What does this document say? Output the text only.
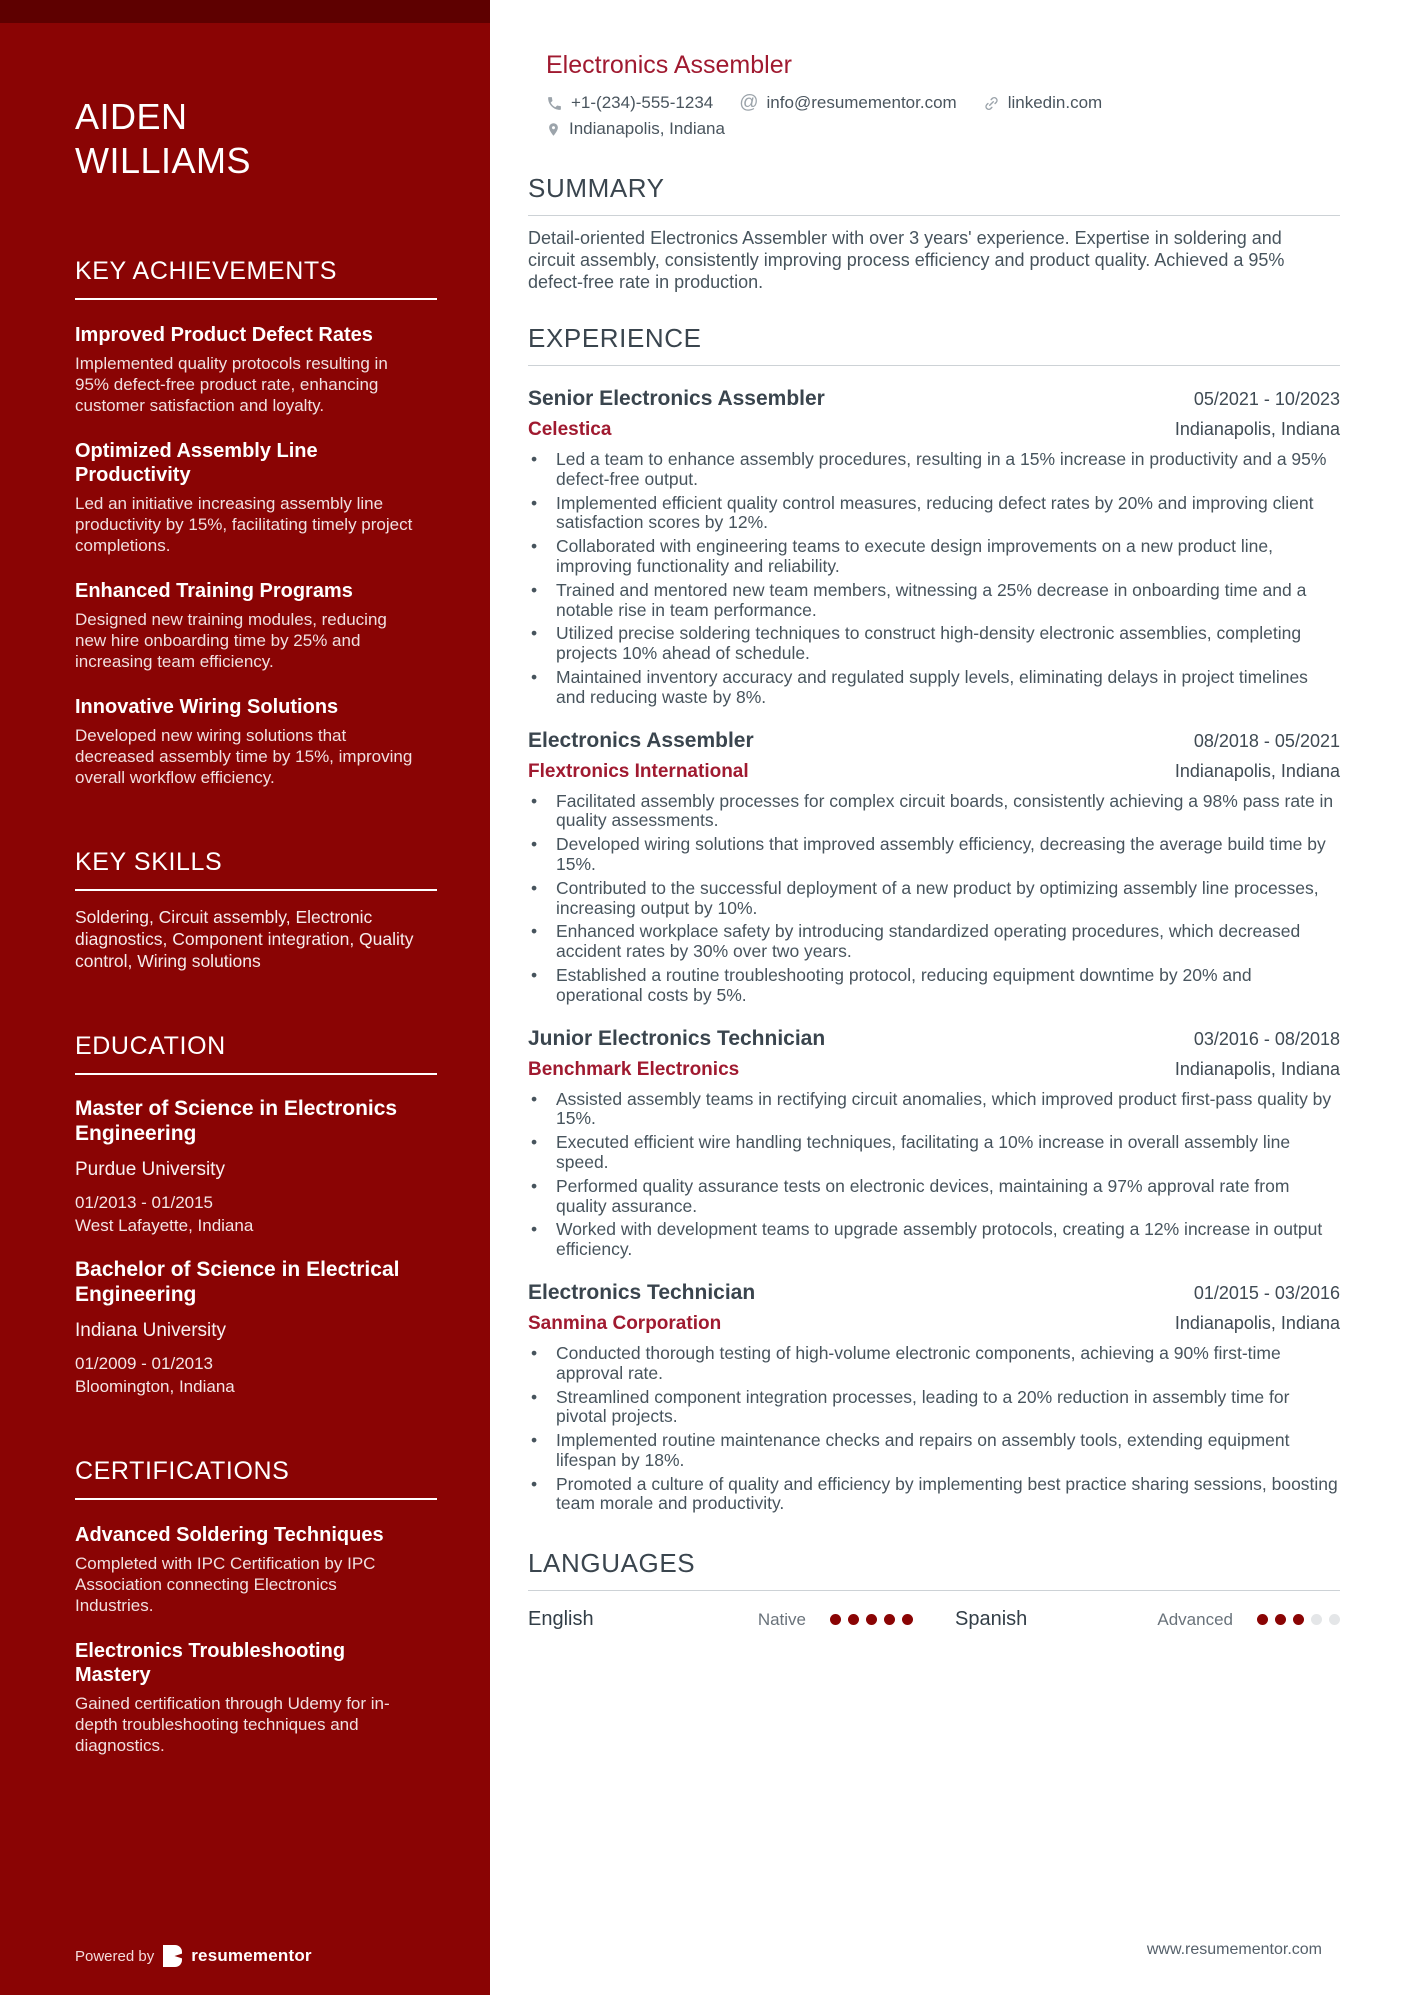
AIDEN
WILLIAMS
KEY ACHIEVEMENTS
Improved Product Defect Rates
Implemented quality protocols resulting in 95% defect-free product rate, enhancing customer satisfaction and loyalty.
Optimized Assembly Line Productivity
Led an initiative increasing assembly line productivity by 15%, facilitating timely project completions.
Enhanced Training Programs
Designed new training modules, reducing new hire onboarding time by 25% and increasing team efficiency.
Innovative Wiring Solutions
Developed new wiring solutions that decreased assembly time by 15%, improving overall workflow efficiency.
KEY SKILLS
Soldering, Circuit assembly, Electronic diagnostics, Component integration, Quality control, Wiring solutions
EDUCATION
Master of Science in Electronics Engineering
Purdue University
01/2013 - 01/2015
West Lafayette, Indiana
Bachelor of Science in Electrical Engineering
Indiana University
01/2009 - 01/2013
Bloomington, Indiana
CERTIFICATIONS
Advanced Soldering Techniques
Completed with IPC Certification by IPC Association connecting Electronics Industries.
Electronics Troubleshooting Mastery
Gained certification through Udemy for in-depth troubleshooting techniques and diagnostics.
Powered by resumementor
Electronics Assembler
+1-(234)-555-1234 @ info@resumementor.com	linkedin.com
Indianapolis, Indiana
SUMMARY

Detail-oriented Electronics Assembler with over 3 years' experience. Expertise in soldering and circuit assembly, consistently improving process efficiency and product quality. Achieved a 95% defect-free rate in production.

EXPERIENCE
Senior Electronics Assembler	05/2021 - 10/2023
Celestica	Indianapolis, Indiana
• Led a team to enhance assembly procedures, resulting in a 15% increase in productivity and a 95% defect-free output.
• Implemented efficient quality control measures, reducing defect rates by 20% and improving client satisfaction scores by 12%.
• Collaborated with engineering teams to execute design improvements on a new product line, improving functionality and reliability.
• Trained and mentored new team members, witnessing a 25% decrease in onboarding time and a notable rise in team performance.
• Utilized precise soldering techniques to construct high-density electronic assemblies, completing projects 10% ahead of schedule.
• Maintained inventory accuracy and regulated supply levels, eliminating delays in project timelines and reducing waste by 8%.
Electronics Assembler	08/2018 - 05/2021
Flextronics International	Indianapolis, Indiana
• Facilitated assembly processes for complex circuit boards, consistently achieving a 98% pass rate in quality assessments.
• Developed wiring solutions that improved assembly efficiency, decreasing the average build time by 15%.
• Contributed to the successful deployment of a new product by optimizing assembly line processes, increasing output by 10%.
• Enhanced workplace safety by introducing standardized operating procedures, which decreased accident rates by 30% over two years.
• Established a routine troubleshooting protocol, reducing equipment downtime by 20% and operational costs by 5%.
Junior Electronics Technician	03/2016 - 08/2018
Benchmark Electronics	Indianapolis, Indiana
• Assisted assembly teams in rectifying circuit anomalies, which improved product first-pass quality by 15%.
• Executed efficient wire handling techniques, facilitating a 10% increase in overall assembly line speed.
• Performed quality assurance tests on electronic devices, maintaining a 97% approval rate from quality assurance.
• Worked with development teams to upgrade assembly protocols, creating a 12% increase in output efficiency.
Electronics Technician	01/2015 - 03/2016
Sanmina Corporation	Indianapolis, Indiana
• Conducted thorough testing of high-volume electronic components, achieving a 90% first-time approval rate.
• Streamlined component integration processes, leading to a 20% reduction in assembly time for pivotal projects.
• Implemented routine maintenance checks and repairs on assembly tools, extending equipment lifespan by 18%.
• Promoted a culture of quality and efficiency by implementing best practice sharing sessions, boosting team morale and productivity.
LANGUAGES
English	Native	Spanish	Advanced
www.resumementor.com
